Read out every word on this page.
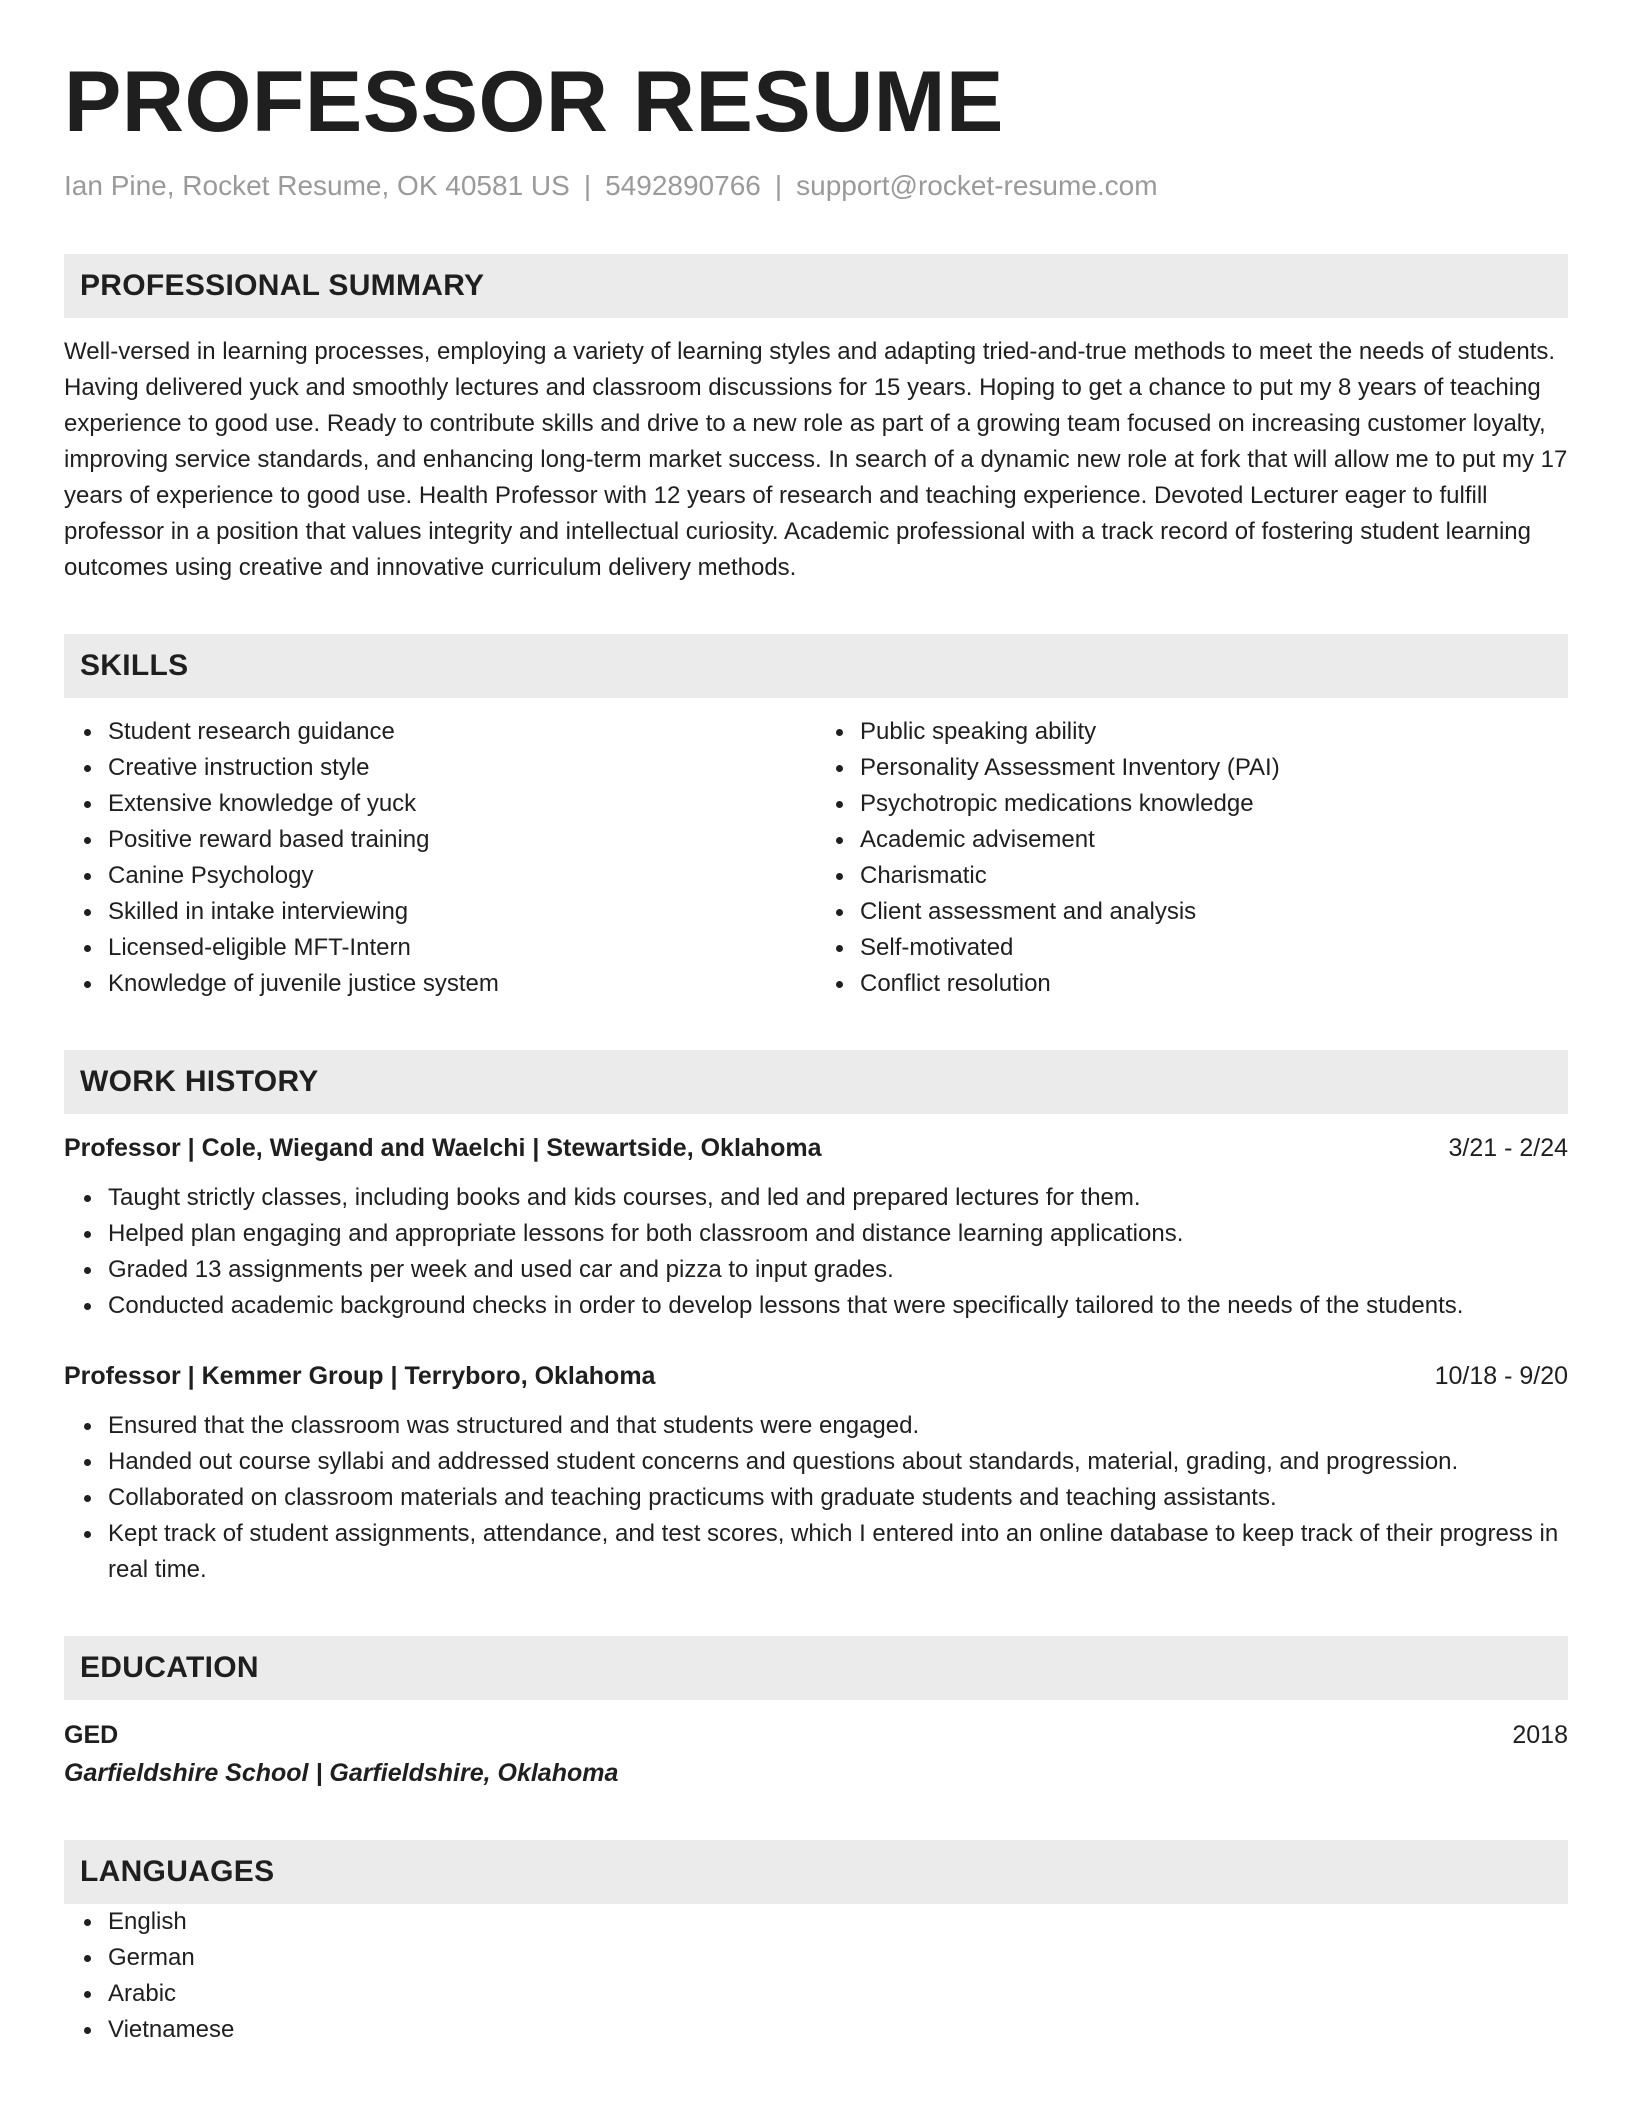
PROFESSOR RESUME
Ian Pine, Rocket Resume, OK 40581 US | 5492890766 | support@rocket-resume.com
PROFESSIONAL SUMMARY
Well-versed in learning processes, employing a variety of learning styles and adapting tried-and-true methods to meet the needs of students. Having delivered yuck and smoothly lectures and classroom discussions for 15 years. Hoping to get a chance to put my 8 years of teaching experience to good use. Ready to contribute skills and drive to a new role as part of a growing team focused on increasing customer loyalty, improving service standards, and enhancing long-term market success. In search of a dynamic new role at fork that will allow me to put my 17 years of experience to good use. Health Professor with 12 years of research and teaching experience. Devoted Lecturer eager to fulfill professor in a position that values integrity and intellectual curiosity. Academic professional with a track record of fostering student learning outcomes using creative and innovative curriculum delivery methods.
SKILLS
Student research guidance
Creative instruction style
Extensive knowledge of yuck
Positive reward based training
Canine Psychology
Skilled in intake interviewing
Licensed-eligible MFT-Intern
Knowledge of juvenile justice system
Public speaking ability
Personality Assessment Inventory (PAI)
Psychotropic medications knowledge
Academic advisement
Charismatic
Client assessment and analysis
Self-motivated
Conflict resolution
WORK HISTORY
Professor | Cole, Wiegand and Waelchi | Stewartside, Oklahoma	3/21 - 2/24
Taught strictly classes, including books and kids courses, and led and prepared lectures for them.
Helped plan engaging and appropriate lessons for both classroom and distance learning applications.
Graded 13 assignments per week and used car and pizza to input grades.
Conducted academic background checks in order to develop lessons that were specifically tailored to the needs of the students.
Professor | Kemmer Group | Terryboro, Oklahoma	10/18 - 9/20
Ensured that the classroom was structured and that students were engaged.
Handed out course syllabi and addressed student concerns and questions about standards, material, grading, and progression.
Collaborated on classroom materials and teaching practicums with graduate students and teaching assistants.
Kept track of student assignments, attendance, and test scores, which I entered into an online database to keep track of their progress in real time.
EDUCATION
GED	2018
Garfieldshire School | Garfieldshire, Oklahoma
LANGUAGES
English
German
Arabic
Vietnamese
